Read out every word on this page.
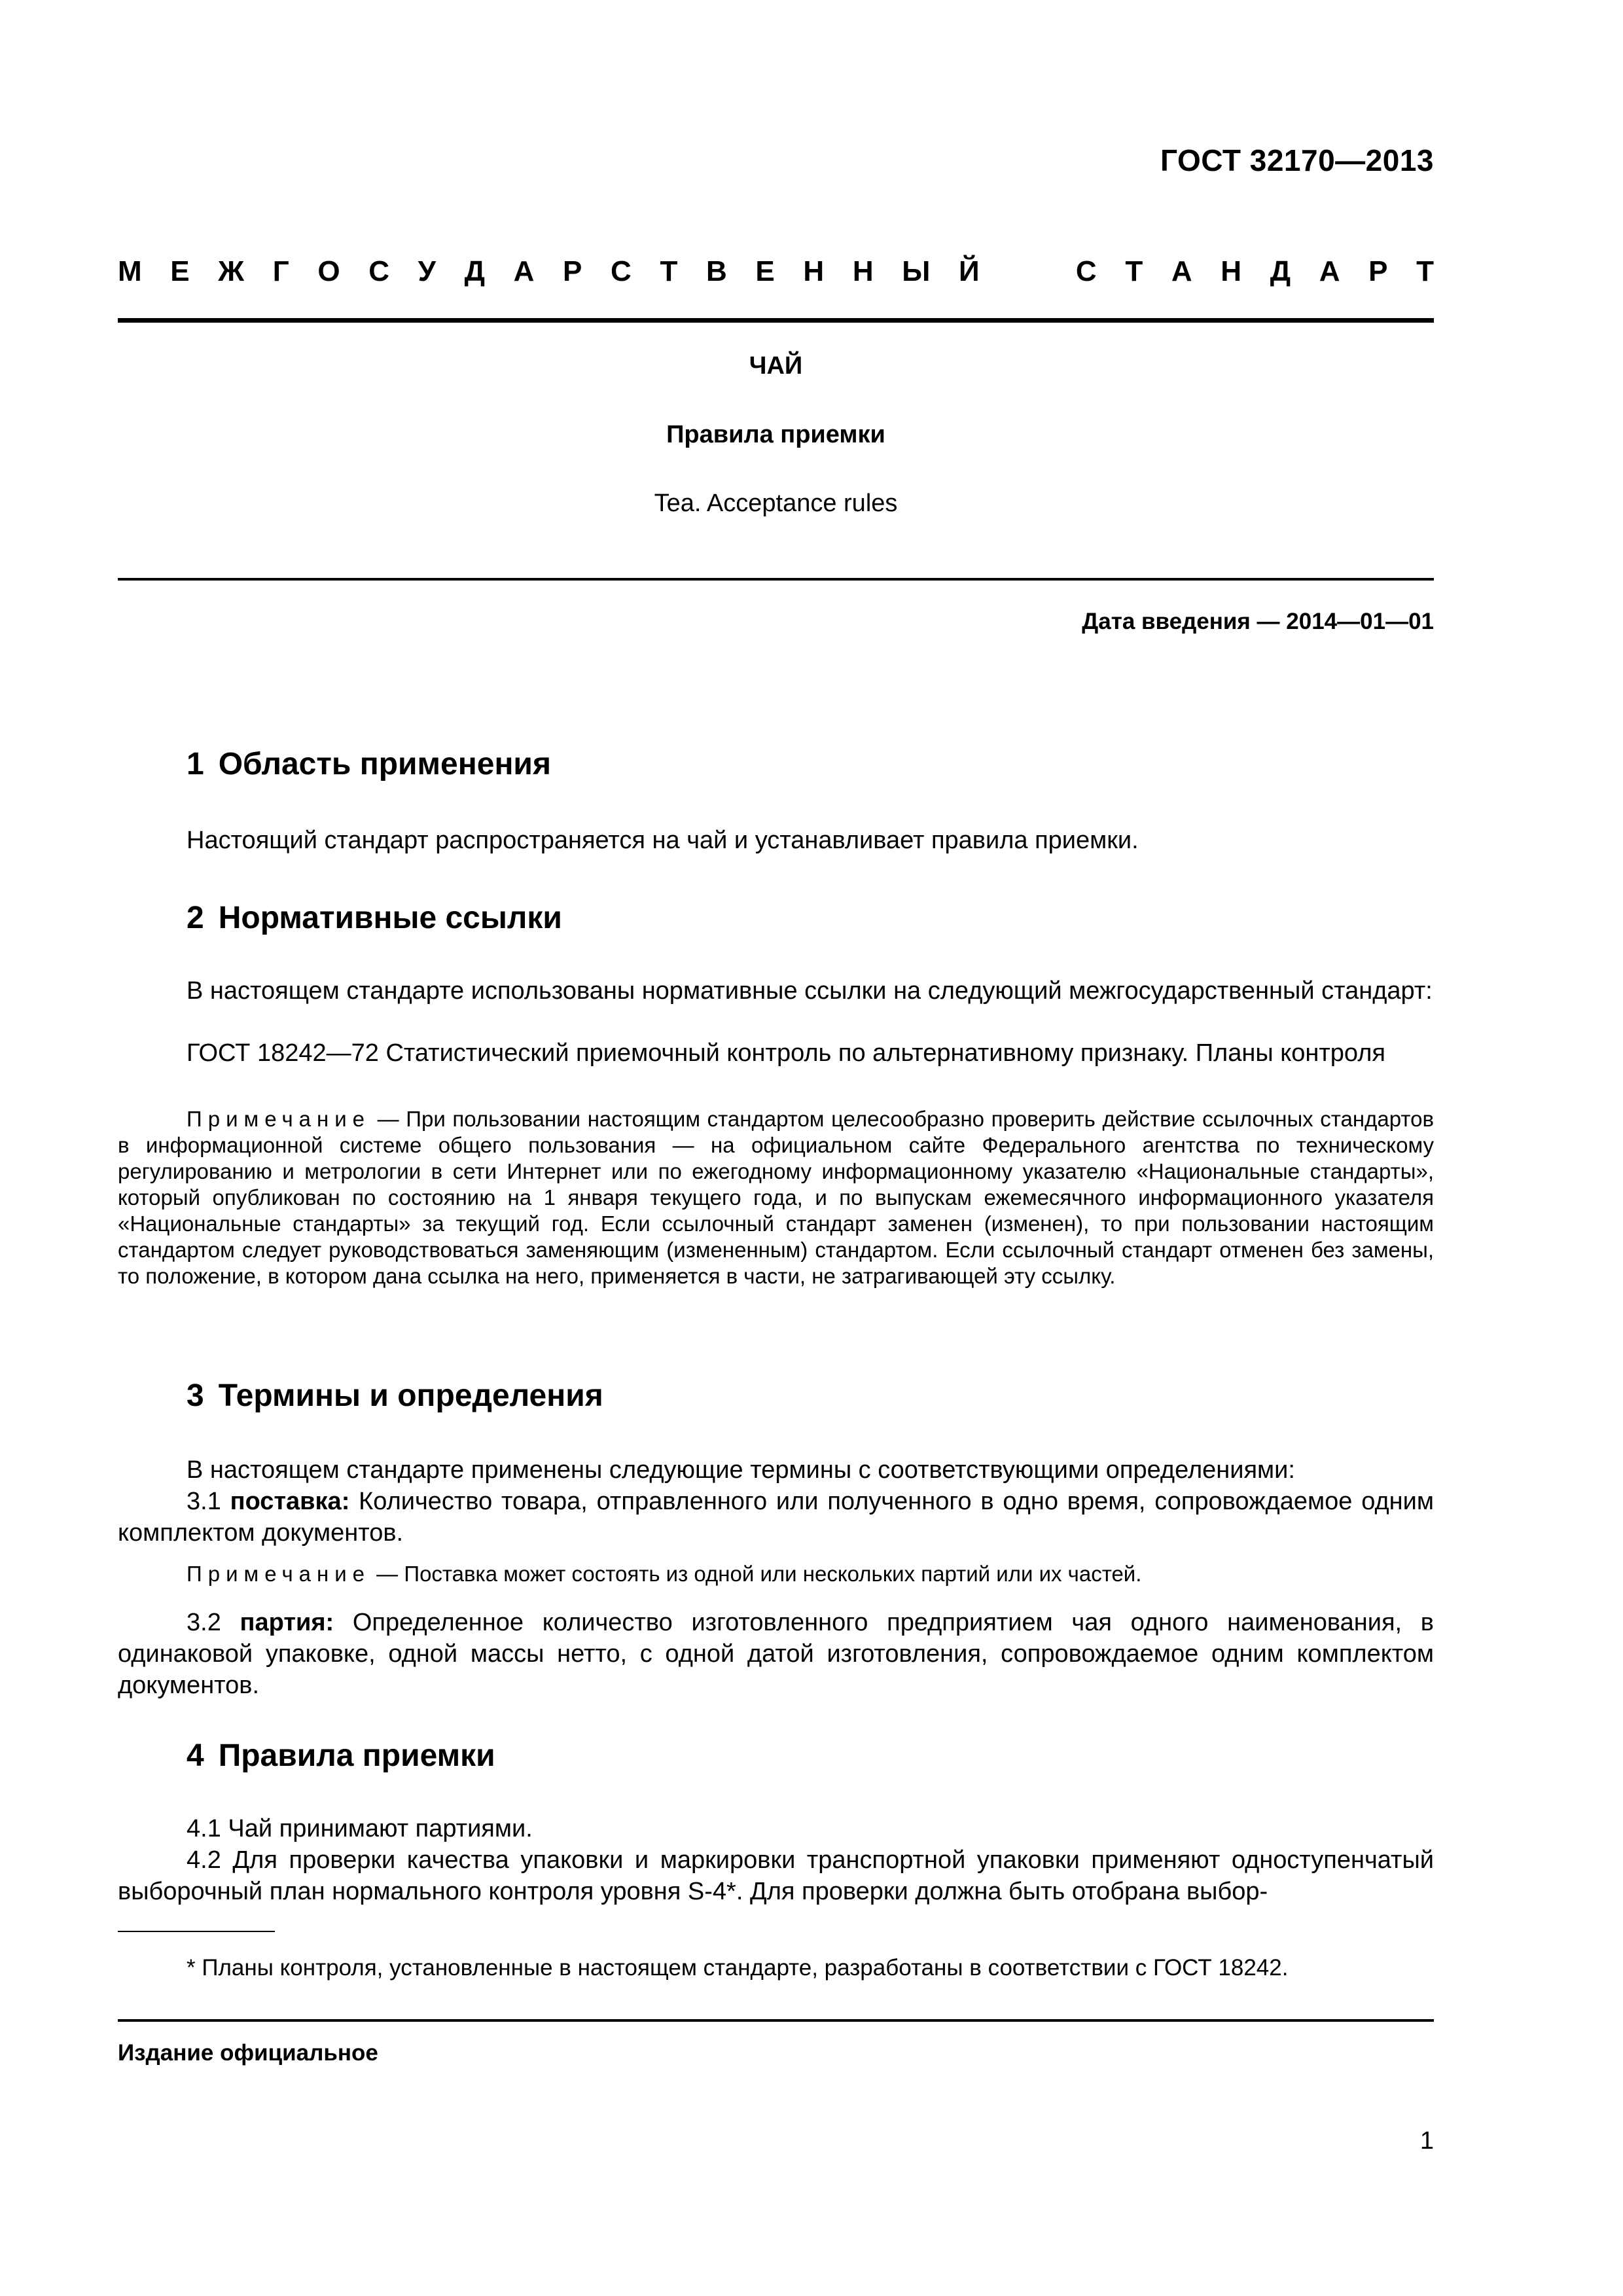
ГОСТ 32170—2013
М Е Ж Г О С У Д А Р С Т В Е Н Н Ы Й	С Т А Н Д А Р Т
ЧАЙ
Правила приемки
Tea. Acceptance rules
Дата введения — 2014—01—01
1 Область применения
Настоящий стандарт распространяется на чай и устанавливает правила приемки.
2 Нормативные ссылки
В настоящем стандарте использованы нормативные ссылки на следующий межгосударственный стандарт:
ГОСТ 18242—72 Статистический приемочный контроль по альтернативному признаку. Планы контроля
Примечание — При пользовании настоящим стандартом целесообразно проверить действие ссылочных стандартов в информационной системе общего пользования — на официальном сайте Федерального агентства по техническому регулированию и метрологии в сети Интернет или по ежегодному информационному указателю «Национальные стандарты», который опубликован по состоянию на 1 января текущего года, и по выпускам ежемесячного информационного указателя «Национальные стандарты» за текущий год. Если ссылочный стандарт заменен (изменен), то при пользовании настоящим стандартом следует руководствоваться заменяющим (измененным) стандартом. Если ссылочный стандарт отменен без замены, то положение, в котором дана ссылка на него, применяется в части, не затрагивающей эту ссылку.
3 Термины и определения
В настоящем стандарте применены следующие термины с соответствующими определениями:
3.1 поставка: Количество товара, отправленного или полученного в одно время, сопровождаемое одним комплектом документов.
Примечание — Поставка может состоять из одной или нескольких партий или их частей.
3.2 партия: Определенное количество изготовленного предприятием чая одного наименования, в одинаковой упаковке, одной массы нетто, с одной датой изготовления, сопровождаемое одним комплектом документов.
4 Правила приемки
4.1 Чай принимают партиями.
4.2 Для проверки качества упаковки и маркировки транспортной упаковки применяют одноступенчатый выборочный план нормального контроля уровня S-4*. Для проверки должна быть отобрана выбор-
* Планы контроля, установленные в настоящем стандарте, разработаны в соответствии с ГОСТ 18242.
Издание официальное
1
